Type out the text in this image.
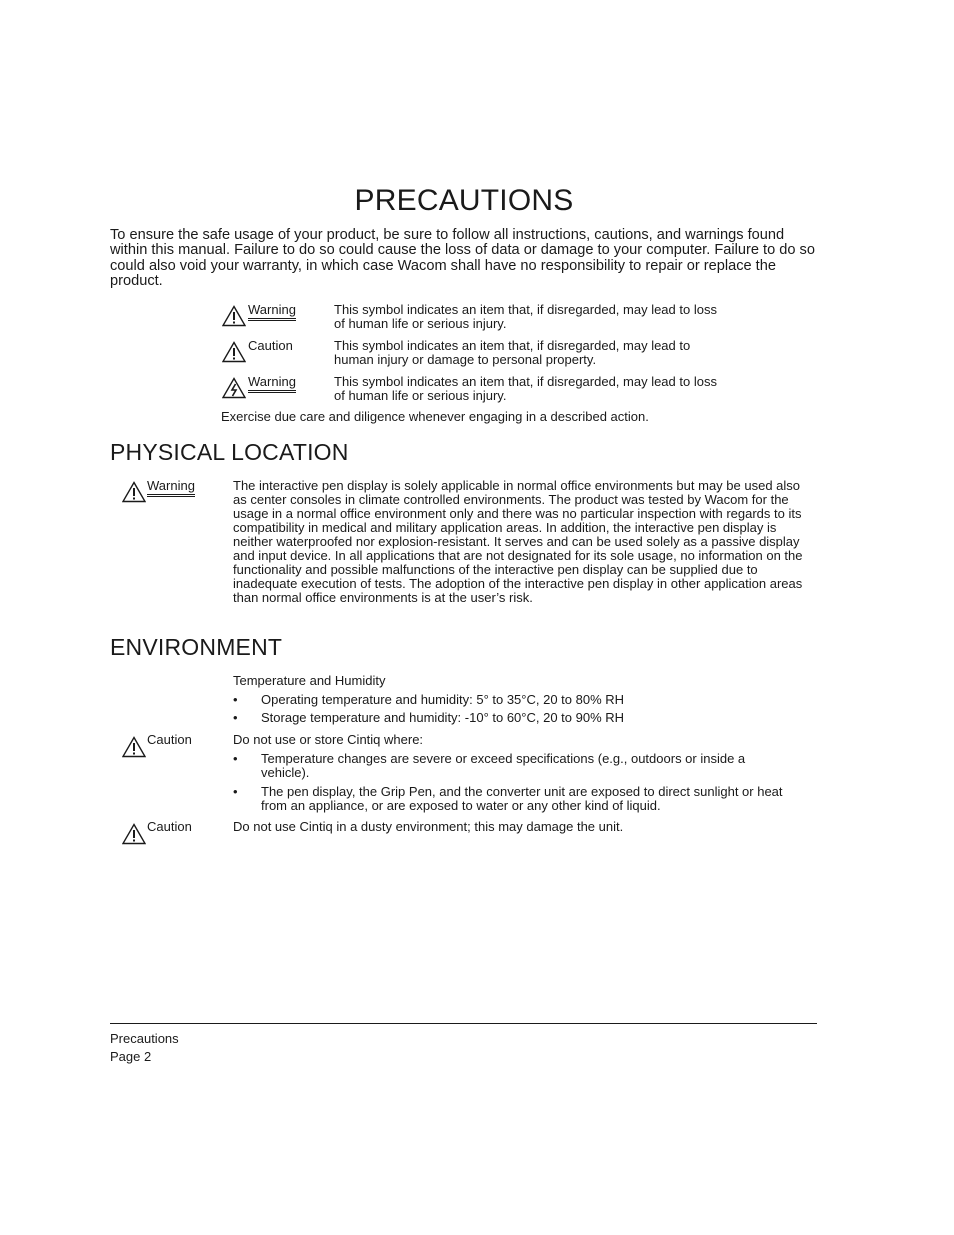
PRECAUTIONS

To ensure the safe usage of your product, be sure to follow all instructions, cautions, and warnings found within this manual. Failure to do so could cause the loss of data or damage to your computer. Failure to do so could also void your warranty, in which case Wacom shall have no responsibility to repair or replace the product.

Warning	This symbol indicates an item that, if disregarded, may lead to loss of human life or serious injury.
Caution	This symbol indicates an item that, if disregarded, may lead to human injury or damage to personal property.
Warning	This symbol indicates an item that, if disregarded, may lead to loss of human life or serious injury.
Exercise due care and diligence whenever engaging in a described action.
PHYSICAL LOCATION
Warning	The interactive pen display is solely applicable in normal office environments but may be used also as center consoles in climate controlled environments. The product was tested by Wacom for the usage in a normal office environment only and there was no particular inspection with regards to its compatibility in medical and military application areas. In addition, the interactive pen display is neither waterproofed nor explosion-resistant. It serves and can be used solely as a passive display and input device. In all applications that are not designated for its sole usage, no information on the functionality and possible malfunctions of the interactive pen display can be supplied due to inadequate execution of tests. The adoption of the interactive pen display in other application areas than normal office environments is at the user’s risk.
ENVIRONMENT
Temperature and Humidity
• Operating temperature and humidity: 5° to 35°C, 20 to 80% RH
• Storage temperature and humidity: -10° to 60°C, 20 to 90% RH
Caution	Do not use or store Cintiq where:
• Temperature changes are severe or exceed specifications (e.g., outdoors or inside a vehicle).
• The pen display, the Grip Pen, and the converter unit are exposed to direct sunlight or heat from an appliance, or are exposed to water or any other kind of liquid.
Caution	Do not use Cintiq in a dusty environment; this may damage the unit.
Precautions
Page 2
